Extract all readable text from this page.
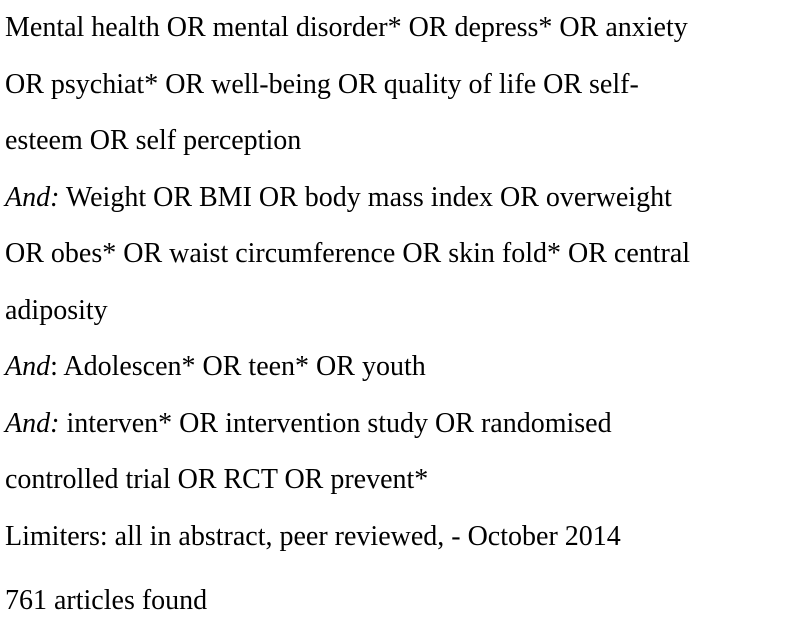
Mental health OR mental disorder* OR depress* OR anxiety
OR psychiat* OR well-being OR quality of life OR self-
esteem OR self perception
And: Weight OR BMI OR body mass index OR overweight
OR obes* OR waist circumference OR skin fold* OR central
adiposity
And: Adolescen* OR teen* OR youth
And: interven* OR intervention study OR randomised
controlled trial OR RCT OR prevent*
Limiters: all in abstract, peer reviewed, - October 2014
761 articles found
